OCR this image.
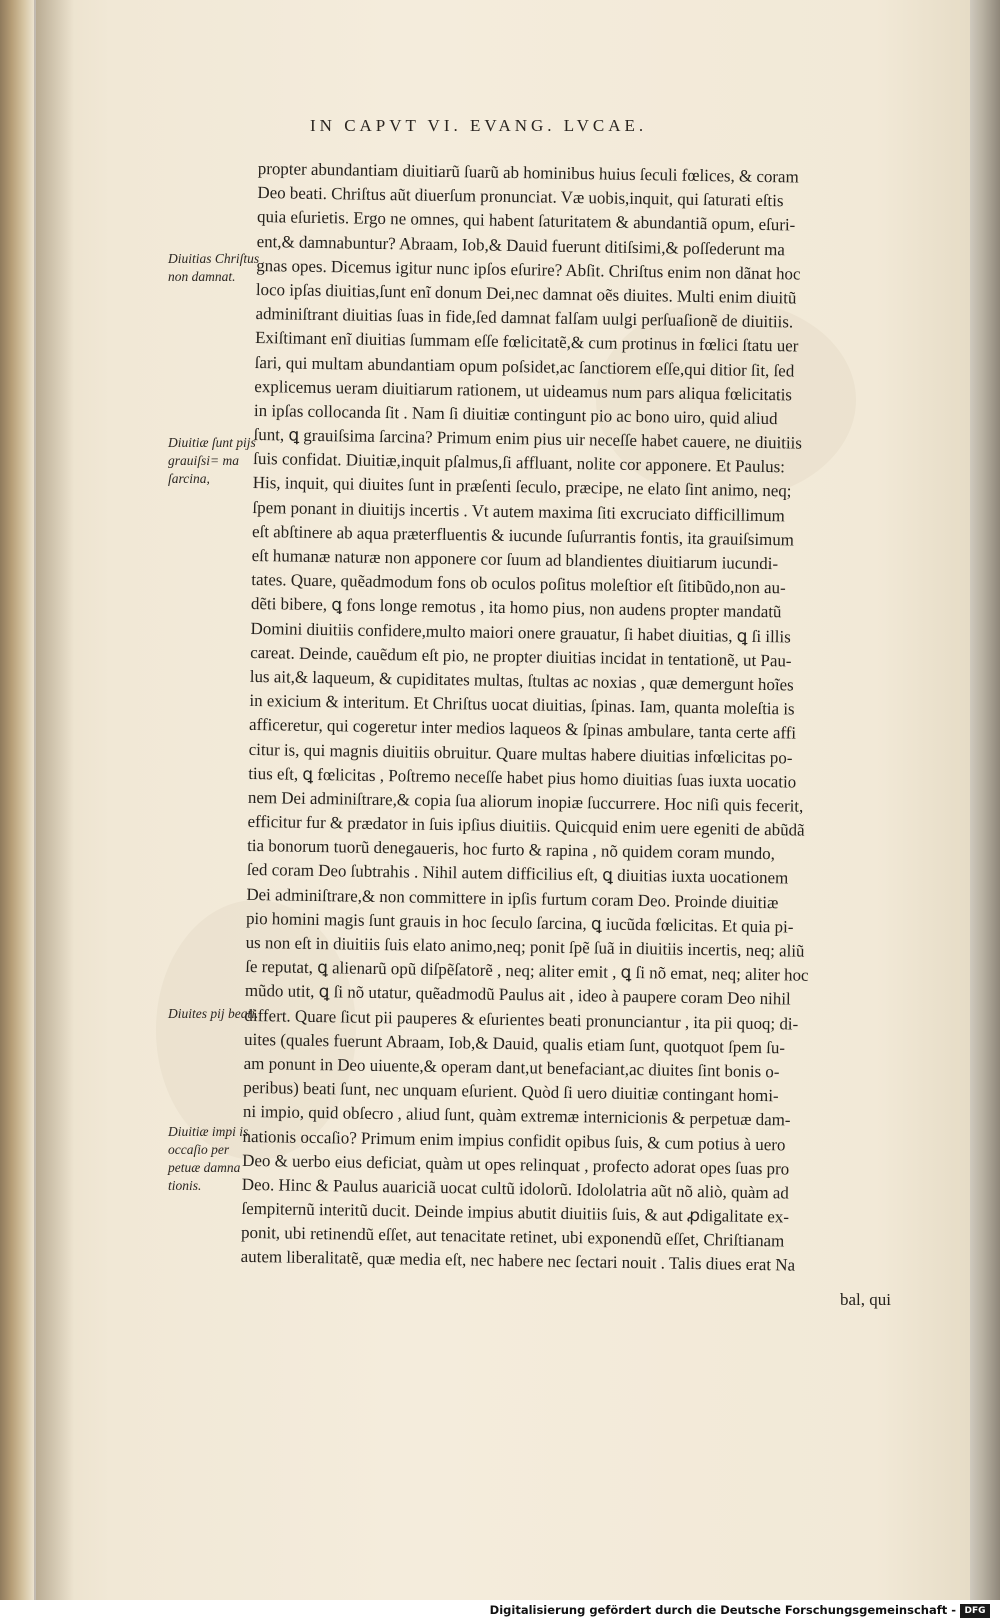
IN CAPVT VI. EVANG. LVCAE.
Diuitias Chriſtus non damnat.
Diuitiæ ſunt pijs grauiſsi= ma ſarcina,
Diuites pij beati.
Diuitiæ impi is occaſio per petuæ damna tionis.
propter abundantiam diuitiarũ ſuarũ ab hominibus huius ſeculi fœlices, & coram
Deo beati. Chriſtus aũt diuerſum pronunciat. Væ uobis,inquit, qui ſaturati eſtis
quia eſurietis. Ergo ne omnes, qui habent ſaturitatem & abundantiã opum, eſuri-
ent,& damnabuntur? Abraam, Iob,& Dauid fuerunt ditiſsimi,& poſſederunt ma
gnas opes. Dicemus igitur nunc ipſos eſurire? Abſit. Chriſtus enim non dãnat hoc
loco ipſas diuitias,ſunt enĩ donum Dei,nec damnat oẽs diuites. Multi enim diuitũ
adminiſtrant diuitias ſuas in fide,ſed damnat falſam uulgi perſuaſionẽ de diuitiis.
Exiſtimant enĩ diuitias ſummam eſſe fœlicitatẽ,& cum protinus in fœlici ſtatu uer
ſari, qui multam abundantiam opum poſsidet,ac ſanctiorem eſſe,qui ditior ſit, ſed
explicemus ueram diuitiarum rationem, ut uideamus num pars aliqua fœlicitatis
in ipſas collocanda ſit . Nam ſi diuitiæ contingunt pio ac bono uiro, quid aliud
ſunt, ꝗ grauiſsima ſarcina? Primum enim pius uir neceſſe habet cauere, ne diuitiis
ſuis confidat. Diuitiæ,inquit pſalmus,ſi affluant, nolite cor apponere. Et Paulus:
His, inquit, qui diuites ſunt in præſenti ſeculo, præcipe, ne elato ſint animo, neq;
ſpem ponant in diuitijs incertis . Vt autem maxima ſiti excruciato difficillimum
eſt abſtinere ab aqua præterfluentis & iucunde ſuſurrantis fontis, ita grauiſsimum
eſt humanæ naturæ non apponere cor ſuum ad blandientes diuitiarum iucundi-
tates. Quare, quẽadmodum fons ob oculos poſitus moleſtior eſt ſitibũdo,non au-
dẽti bibere, ꝗ fons longe remotus , ita homo pius, non audens propter mandatũ
Domini diuitiis confidere,multo maiori onere grauatur, ſi habet diuitias, ꝗ ſi illis
careat. Deinde, cauẽdum eſt pio, ne propter diuitias incidat in tentationẽ, ut Pau-
lus ait,& laqueum, & cupiditates multas, ſtultas ac noxias , quæ demergunt hoĩes
in exicium & interitum. Et Chriſtus uocat diuitias, ſpinas. Iam, quanta moleſtia is
afficeretur, qui cogeretur inter medios laqueos & ſpinas ambulare, tanta certe affi
citur is, qui magnis diuitiis obruitur. Quare multas habere diuitias infœlicitas po-
tius eſt, ꝗ fœlicitas , Poſtremo neceſſe habet pius homo diuitias ſuas iuxta uocatio
nem Dei adminiſtrare,& copia ſua aliorum inopiæ ſuccurrere. Hoc niſi quis fecerit,
efficitur fur & prædator in ſuis ipſius diuitiis. Quicquid enim uere egeniti de abũdã
tia bonorum tuorũ denegaueris, hoc furto & rapina , nõ quidem coram mundo,
ſed coram Deo ſubtrahis . Nihil autem difficilius eſt, ꝗ diuitias iuxta uocationem
Dei adminiſtrare,& non committere in ipſis furtum coram Deo. Proinde diuitiæ
pio homini magis ſunt grauis in hoc ſeculo ſarcina, ꝗ iucũda fœlicitas. Et quia pi-
us non eſt in diuitiis ſuis elato animo,neq; ponit ſpẽ ſuã in diuitiis incertis, neq; aliũ
ſe reputat, ꝗ alienarũ opũ diſpẽſatorẽ , neq; aliter emit , ꝗ ſi nõ emat, neq; aliter hoc
mũdo utit, ꝗ ſi nõ utatur, quẽadmodũ Paulus ait , ideo à paupere coram Deo nihil
differt. Quare ſicut pii pauperes & eſurientes beati pronunciantur , ita pii quoq; di-
uites (quales fuerunt Abraam, Iob,& Dauid, qualis etiam ſunt, quotquot ſpem ſu-
am ponunt in Deo uiuente,& operam dant,ut benefaciant,ac diuites ſint bonis o-
peribus) beati ſunt, nec unquam eſurient. Quòd ſi uero diuitiæ contingant homi-
ni impio, quid obſecro , aliud ſunt, quàm extremæ internicionis & perpetuæ dam-
nationis occaſio? Primum enim impius confidit opibus ſuis, & cum potius à uero
Deo & uerbo eius deficiat, quàm ut opes relinquat , profecto adorat opes ſuas pro
Deo. Hinc & Paulus auariciã uocat cultũ idolorũ. Idololatria aũt nõ aliò, quàm ad
ſempiternũ interitũ ducit. Deinde impius abutit diuitiis ſuis, & aut ꝓdigalitate ex-
ponit, ubi retinendũ eſſet, aut tenacitate retinet, ubi exponendũ eſſet, Chriſtianam
autem liberalitatẽ, quæ media eſt, nec habere nec ſectari nouit . Talis diues erat Na
bal, qui
Digitalisierung gefördert durch die Deutsche Forschungsgemeinschaft - DFG
